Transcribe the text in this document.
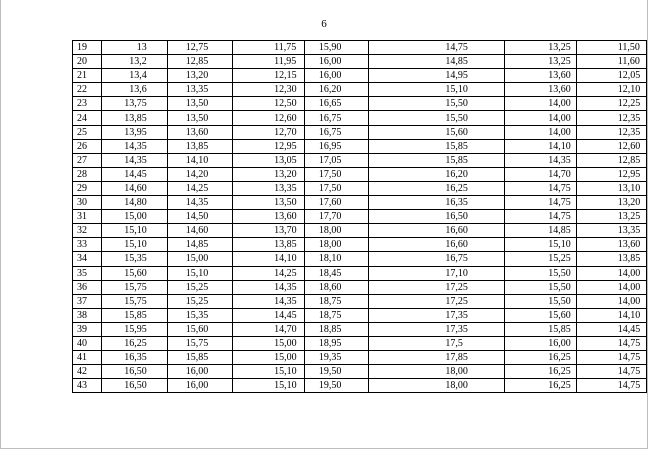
6
19	13	12,75	11,75	15,90	14,75	13,25	11,50
20	13,2	12,85	11,95	16,00	14,85	13,25	11,60
21	13,4	13,20	12,15	16,00	14,95	13,60	12,05
22	13,6	13,35	12,30	16,20	15,10	13,60	12,10
23	13,75	13,50	12,50	16,65	15,50	14,00	12,25
24	13,85	13,50	12,60	16,75	15,50	14,00	12,35
25	13,95	13,60	12,70	16,75	15,60	14,00	12,35
26	14,35	13,85	12,95	16,95	15,85	14,10	12,60
27	14,35	14,10	13,05	17,05	15,85	14,35	12,85
28	14,45	14,20	13,20	17,50	16,20	14,70	12,95
29	14,60	14,25	13,35	17,50	16,25	14,75	13,10
30	14,80	14,35	13,50	17,60	16,35	14,75	13,20
31	15,00	14,50	13,60	17,70	16,50	14,75	13,25
32	15,10	14,60	13,70	18,00	16,60	14,85	13,35
33	15,10	14,85	13,85	18,00	16,60	15,10	13,60
34	15,35	15,00	14,10	18,10	16,75	15,25	13,85
35	15,60	15,10	14,25	18,45	17,10	15,50	14,00
36	15,75	15,25	14,35	18,60	17,25	15,50	14,00
37	15,75	15,25	14,35	18,75	17,25	15,50	14,00
38	15,85	15,35	14,45	18,75	17,35	15,60	14,10
39	15,95	15,60	14,70	18,85	17,35	15,85	14,45
40	16,25	15,75	15,00	18,95	17,5	16,00	14,75
41	16,35	15,85	15,00	19,35	17,85	16,25	14,75
42	16,50	16,00	15,10	19,50	18,00	16,25	14,75
43	16,50	16,00	15,10	19,50	18,00	16,25	14,75
